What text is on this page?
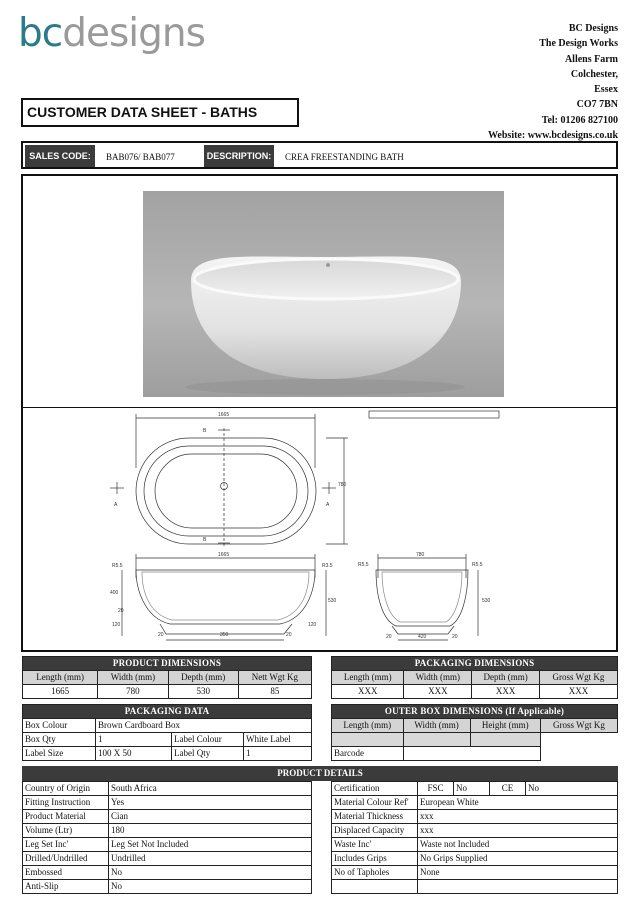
bcdesigns	BC Designs
The Design Works
Allens Farm
Colchester,
Essex
CO7 7BN
Tel: 01206 827100
Website: www.bcdesigns.co.uk
CUSTOMER DATA SHEET - BATHS
SALES CODE:	BAB076/ BAB077	DESCRIPTION:	CREA FREESTANDING BATH
1665
B
B
A	A
780
1665
R5.5	R3.5
400
530
20
120	120
20	350	20
780
R5.5	R5.5
530
20	420	20
PRODUCT DIMENSIONS			
Length (mm)	Width (mm)	Depth (mm)	Nett Wgt Kg
1665	780	530	85
PACKAGING DIMENSIONS			
Length (mm)	Width (mm)	Depth (mm)	Gross Wgt Kg
XXX	XXX	XXX	XXX
PACKAGING DATA			
Box Colour	Brown Cardboard Box		
Box Qty	1	Label Colour	White Label
Label Size	100 X 50	Label Qty	1
OUTER BOX DIMENSIONS (If Applicable)			
Length (mm)	Width (mm)	Height (mm)	Gross Wgt Kg

Barcode			
PRODUCT DETAILS
Country of Origin	South Africa
Fitting Instruction	Yes
Product Material	Cian
Volume (Ltr)	180
Leg Set Inc'	Leg Set Not Included
Drilled/Undrilled	Undrilled
Embossed	No
Anti-Slip	No
Certification	FSC	No	CE	No
Material Colour Ref'	European White			
Material Thickness	xxx			
Displaced Capacity	xxx			
Waste Inc'	Waste not Included			
Includes Grips	No Grips Supplied			
No of Tapholes	None			
